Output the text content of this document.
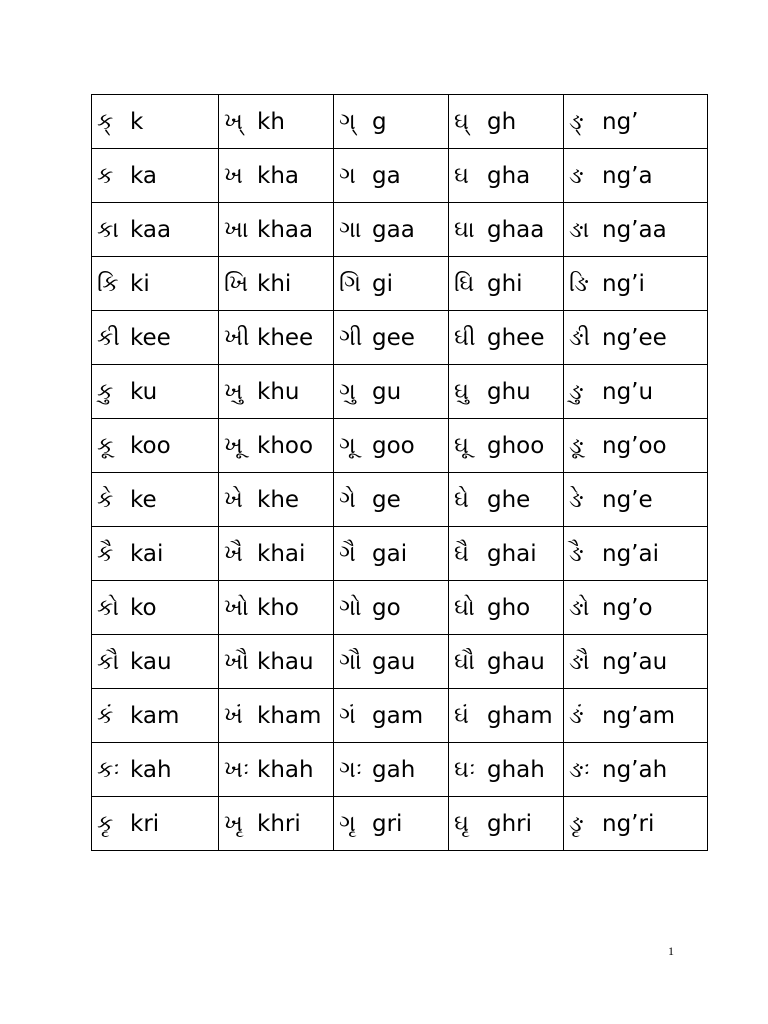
ક્ k	ખ્ kh	ગ્ g	ઘ્ gh	ઙ્ ng’
ક ka	ખ kha	ગ ga	ઘ gha	ઙ ng’a
કા kaa	ખા khaa	ગા gaa	ઘા ghaa	ઙા ng’aa
કિ ki	ખિ khi	ગિ gi	ઘિ ghi	ઙિ ng’i
કી kee	ખી khee	ગી gee	ઘી ghee	ઙી ng’ee
કુ ku	ખુ khu	ગુ gu	ઘુ ghu	ઙુ ng’u
કૂ koo	ખૂ khoo	ગૂ goo	ઘૂ ghoo	ઙૂ ng’oo
કે ke	ખે khe	ગે ge	ઘે ghe	ઙે ng’e
કૈ kai	ખૈ khai	ગૈ gai	ઘૈ ghai	ઙૈ ng’ai
કો ko	ખો kho	ગો go	ઘો gho	ઙો ng’o
કૌ kau	ખૌ khau	ગૌ gau	ઘૌ ghau	ઙૌ ng’au
કં kam	ખં kham	ગં gam	ઘં gham	ઙં ng’am
કઃ kah	ખઃ khah	ગઃ gah	ઘઃ ghah	ઙઃ ng’ah
કૃ kri	ખૃ khri	ગૃ gri	ઘૃ ghri	ઙૃ ng’ri
1
